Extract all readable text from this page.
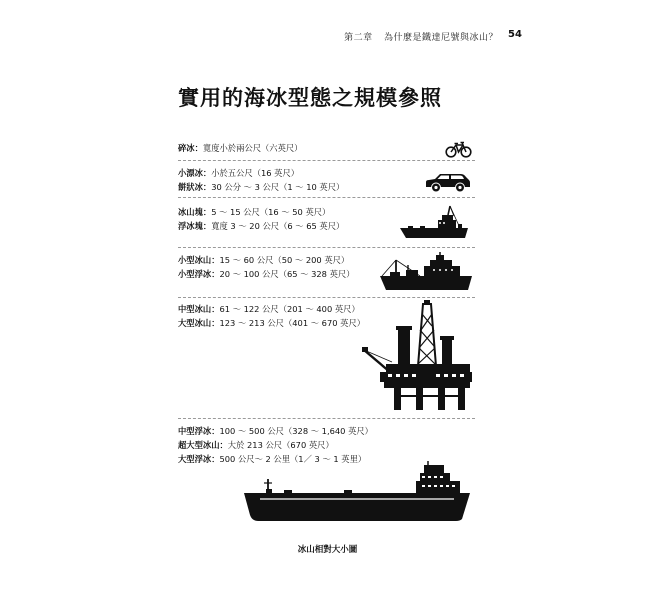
第二章 為什麼是鐵達尼號與冰山？ 54
實用的海冰型態之規模參照
碎冰：寬度小於兩公尺（六英尺）
小漂冰：小於五公尺（16 英尺）
餅狀冰：30 公分 ～ 3 公尺（1 ～ 10 英尺）
冰山塊：5 ～ 15 公尺（16 ～ 50 英尺）
浮冰塊：寬度 3 ～ 20 公尺（6 ～ 65 英尺）
小型冰山：15 ～ 60 公尺（50 ～ 200 英尺）
小型浮冰：20 ～ 100 公尺（65 ～ 328 英尺）
中型冰山：61 ～ 122 公尺（201 ～ 400 英尺）
大型冰山：123 ～ 213 公尺（401 ～ 670 英尺）
中型浮冰：100 ～ 500 公尺（328 ～ 1,640 英尺）
超大型冰山：大於 213 公尺（670 英尺）
大型浮冰：500 公尺～ 2 公里（1／ 3 ～ 1 英里）
冰山相對大小圖
